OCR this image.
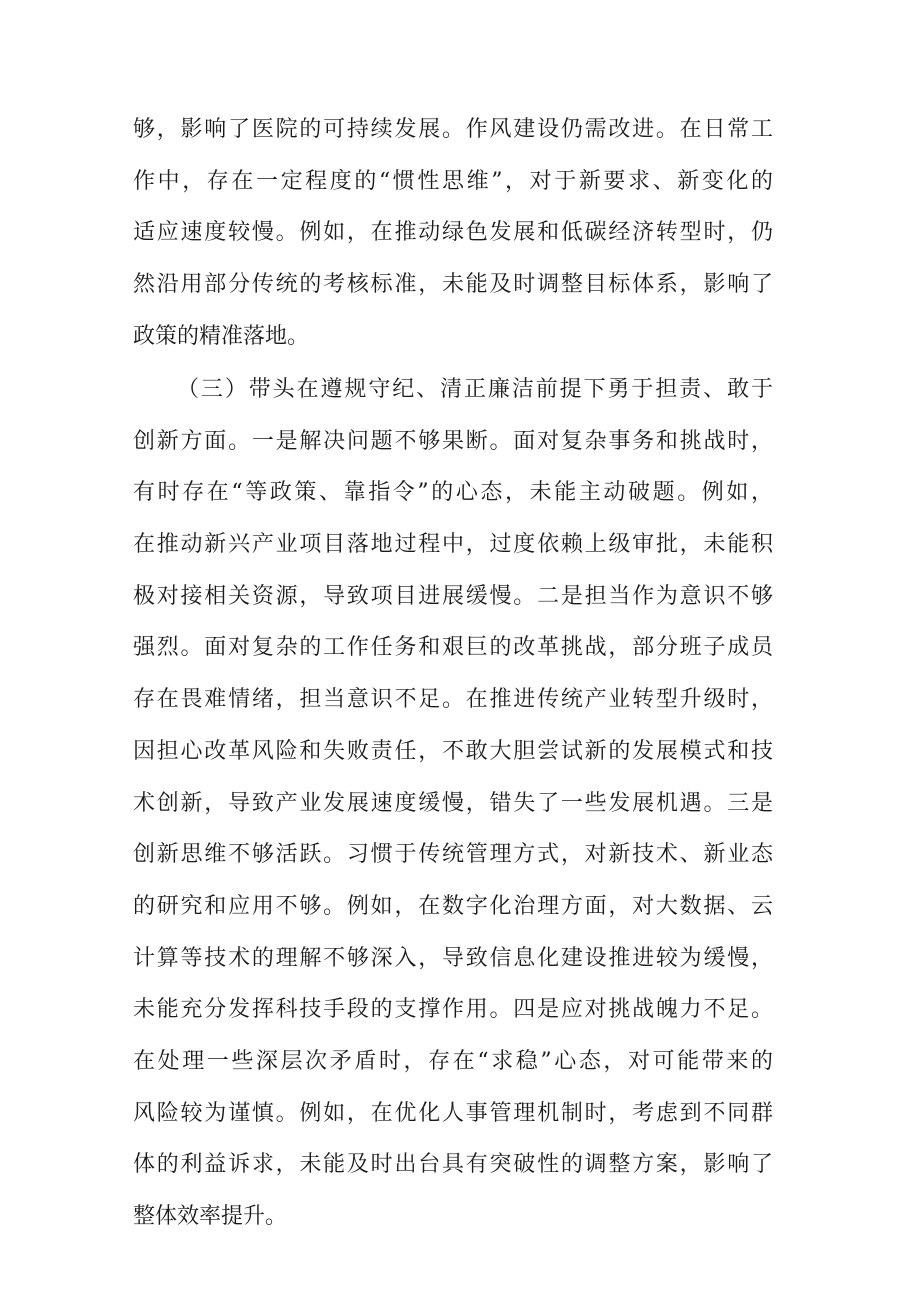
够，影响了医院的可持续发展。作风建设仍需改进。在日常工
作中，存在一定程度的“惯性思维”，对于新要求、新变化的
适应速度较慢。例如，在推动绿色发展和低碳经济转型时，仍
然沿用部分传统的考核标准，未能及时调整目标体系，影响了
政策的精准落地。
（三）带头在遵规守纪、清正廉洁前提下勇于担责、敢于
创新方面。一是解决问题不够果断。面对复杂事务和挑战时，
有时存在“等政策、靠指令”的心态，未能主动破题。例如，
在推动新兴产业项目落地过程中，过度依赖上级审批，未能积
极对接相关资源，导致项目进展缓慢。二是担当作为意识不够
强烈。面对复杂的工作任务和艰巨的改革挑战，部分班子成员
存在畏难情绪，担当意识不足。在推进传统产业转型升级时，
因担心改革风险和失败责任，不敢大胆尝试新的发展模式和技
术创新，导致产业发展速度缓慢，错失了一些发展机遇。三是
创新思维不够活跃。习惯于传统管理方式，对新技术、新业态
的研究和应用不够。例如，在数字化治理方面，对大数据、云
计算等技术的理解不够深入，导致信息化建设推进较为缓慢，
未能充分发挥科技手段的支撑作用。四是应对挑战魄力不足。
在处理一些深层次矛盾时，存在“求稳”心态，对可能带来的
风险较为谨慎。例如，在优化人事管理机制时，考虑到不同群
体的利益诉求，未能及时出台具有突破性的调整方案，影响了
整体效率提升。
